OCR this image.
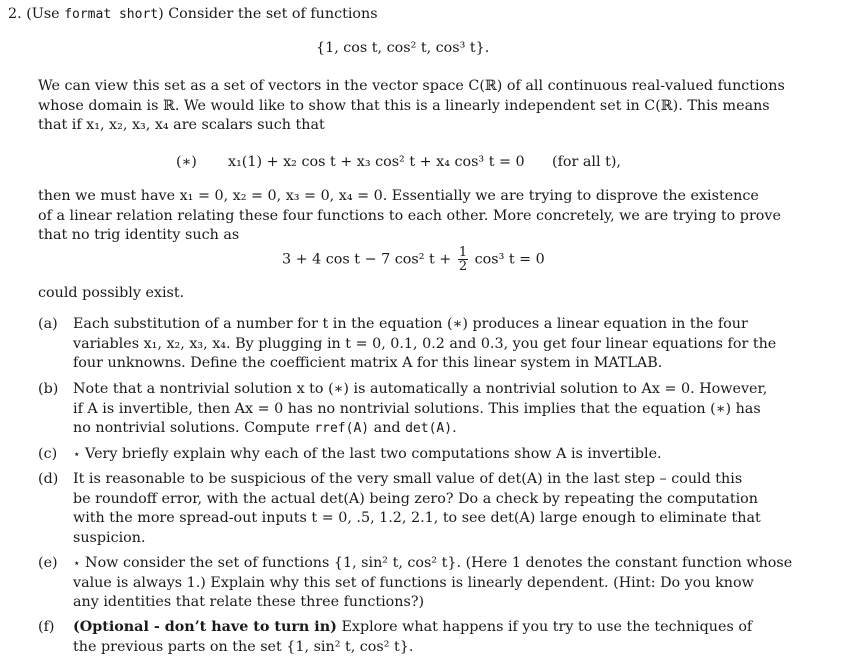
2. (Use format short) Consider the set of functions
{1, cos t, cos² t, cos³ t}.
We can view this set as a set of vectors in the vector space C(ℝ) of all continuous real-valued functions
whose domain is ℝ. We would like to show that this is a linearly independent set in C(ℝ). This means
that if x₁, x₂, x₃, x₄ are scalars such that
(∗) x₁(1) + x₂ cos t + x₃ cos² t + x₄ cos³ t = 0 (for all t),
then we must have x₁ = 0, x₂ = 0, x₃ = 0, x₄ = 0. Essentially we are trying to disprove the existence
of a linear relation relating these four functions to each other. More concretely, we are trying to prove
that no trig identity such as
3 + 4 cos t − 7 cos² $t + \frac{1}{2} \cos^3$ t = 0
could possibly exist.
(a) Each substitution of a number for t in the equation (∗) produces a linear equation in the four
variables x₁, x₂, x₃, x₄. By plugging in t = 0, 0.1, 0.2 and 0.3, you get four linear equations for the
four unknowns. Define the coefficient matrix A for this linear system in MATLAB.
(b) Note that a nontrivial solution x to (∗) is automatically a nontrivial solution to Ax = 0. However,
if A is invertible, then Ax = 0 has no nontrivial solutions. This implies that the equation (∗) has
no nontrivial solutions. Compute rref(A) and det(A).
(c) ⋆ Very briefly explain why each of the last two computations show A is invertible.
(d) It is reasonable to be suspicious of the very small value of det(A) in the last step – could this
be roundoff error, with the actual det(A) being zero? Do a check by repeating the computation
with the more spread-out inputs t = 0, .5, 1.2, 2.1, to see det(A) large enough to eliminate that
suspicion.
(e) ⋆ Now consider the set of functions {1, sin² t, cos² t}. (Here 1 denotes the constant function whose
value is always 1.) Explain why this set of functions is linearly dependent. (Hint: Do you know
any identities that relate these three functions?)
(f) (Optional - don’t have to turn in) Explore what happens if you try to use the techniques of
the previous parts on the set {1, sin² t, cos² t}.
